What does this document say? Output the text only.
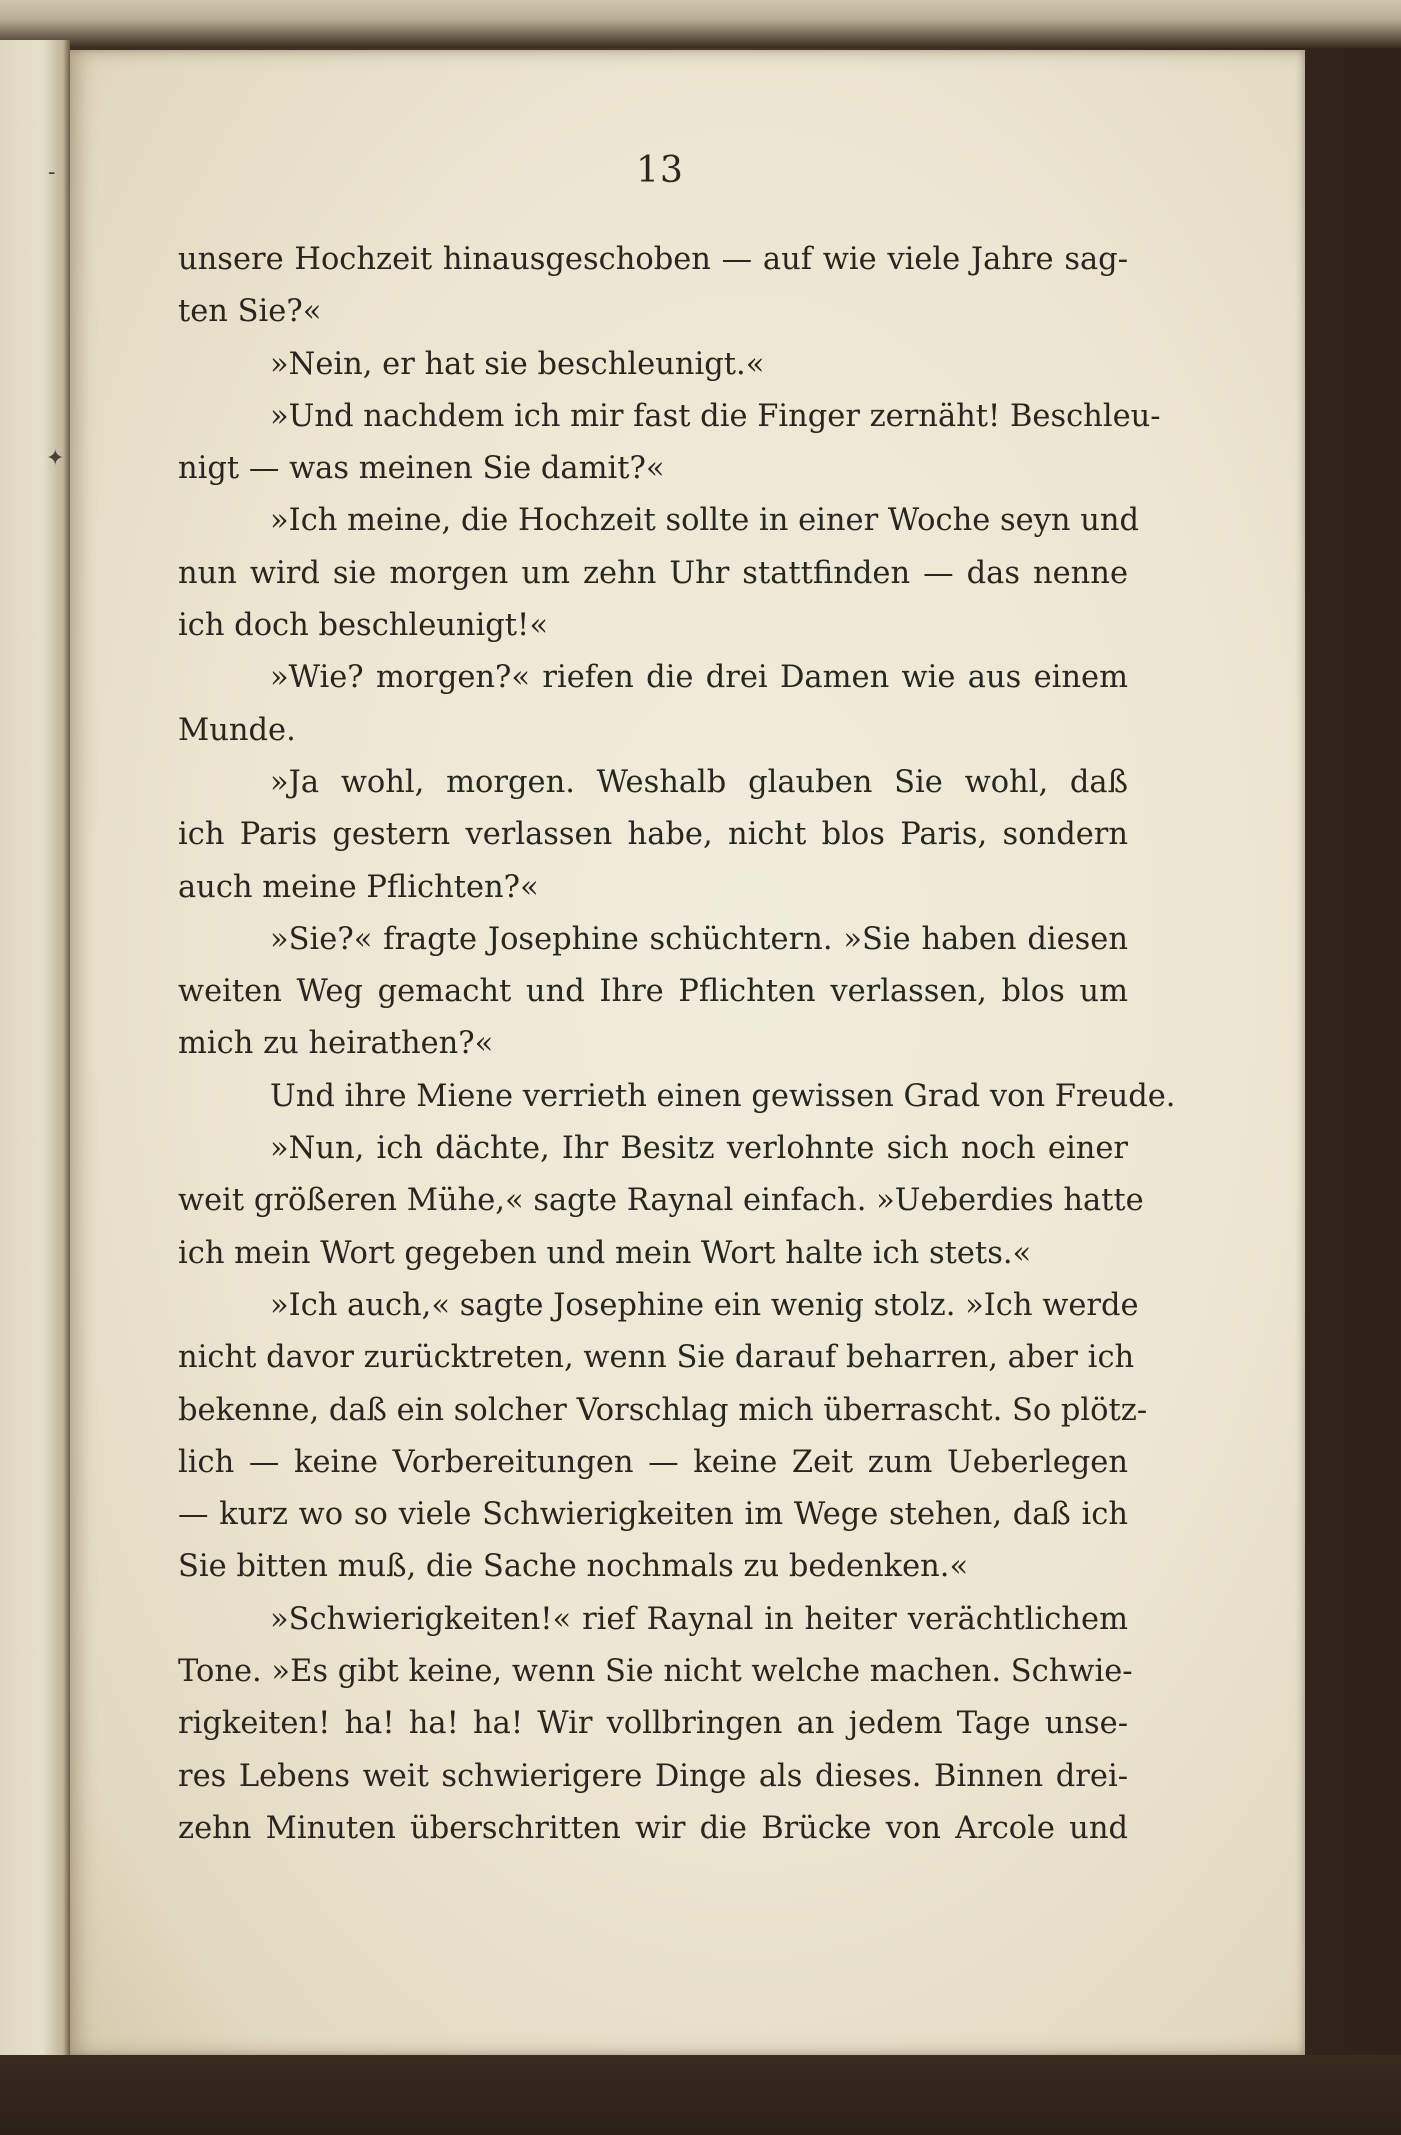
‑
✦
13
unsere Hochzeit hinausgeschoben — auf wie viele Jahre sag-
ten Sie?«
»Nein, er hat sie beschleunigt.«
»Und nachdem ich mir fast die Finger zernäht! Beschleu-
nigt — was meinen Sie damit?«
»Ich meine, die Hochzeit sollte in einer Woche seyn und
nun wird sie morgen um zehn Uhr stattfinden — das nenne
ich doch beschleunigt!«
»Wie? morgen?« riefen die drei Damen wie aus einem
Munde.
»Ja wohl, morgen. Weshalb glauben Sie wohl, daß
ich Paris gestern verlassen habe, nicht blos Paris, sondern
auch meine Pflichten?«
»Sie?« fragte Josephine schüchtern. »Sie haben diesen
weiten Weg gemacht und Ihre Pflichten verlassen, blos um
mich zu heirathen?«
Und ihre Miene verrieth einen gewissen Grad von Freude.
»Nun, ich dächte, Ihr Besitz verlohnte sich noch einer
weit größeren Mühe,« sagte Raynal einfach. »Ueberdies hatte
ich mein Wort gegeben und mein Wort halte ich stets.«
»Ich auch,« sagte Josephine ein wenig stolz. »Ich werde
nicht davor zurücktreten, wenn Sie darauf beharren, aber ich
bekenne, daß ein solcher Vorschlag mich überrascht. So plötz-
lich — keine Vorbereitungen — keine Zeit zum Ueberlegen
— kurz wo so viele Schwierigkeiten im Wege stehen, daß ich
Sie bitten muß, die Sache nochmals zu bedenken.«
»Schwierigkeiten!« rief Raynal in heiter verächtlichem
Tone. »Es gibt keine, wenn Sie nicht welche machen. Schwie-
rigkeiten! ha! ha! ha! Wir vollbringen an jedem Tage unse-
res Lebens weit schwierigere Dinge als dieses. Binnen drei-
zehn Minuten überschritten wir die Brücke von Arcole und
